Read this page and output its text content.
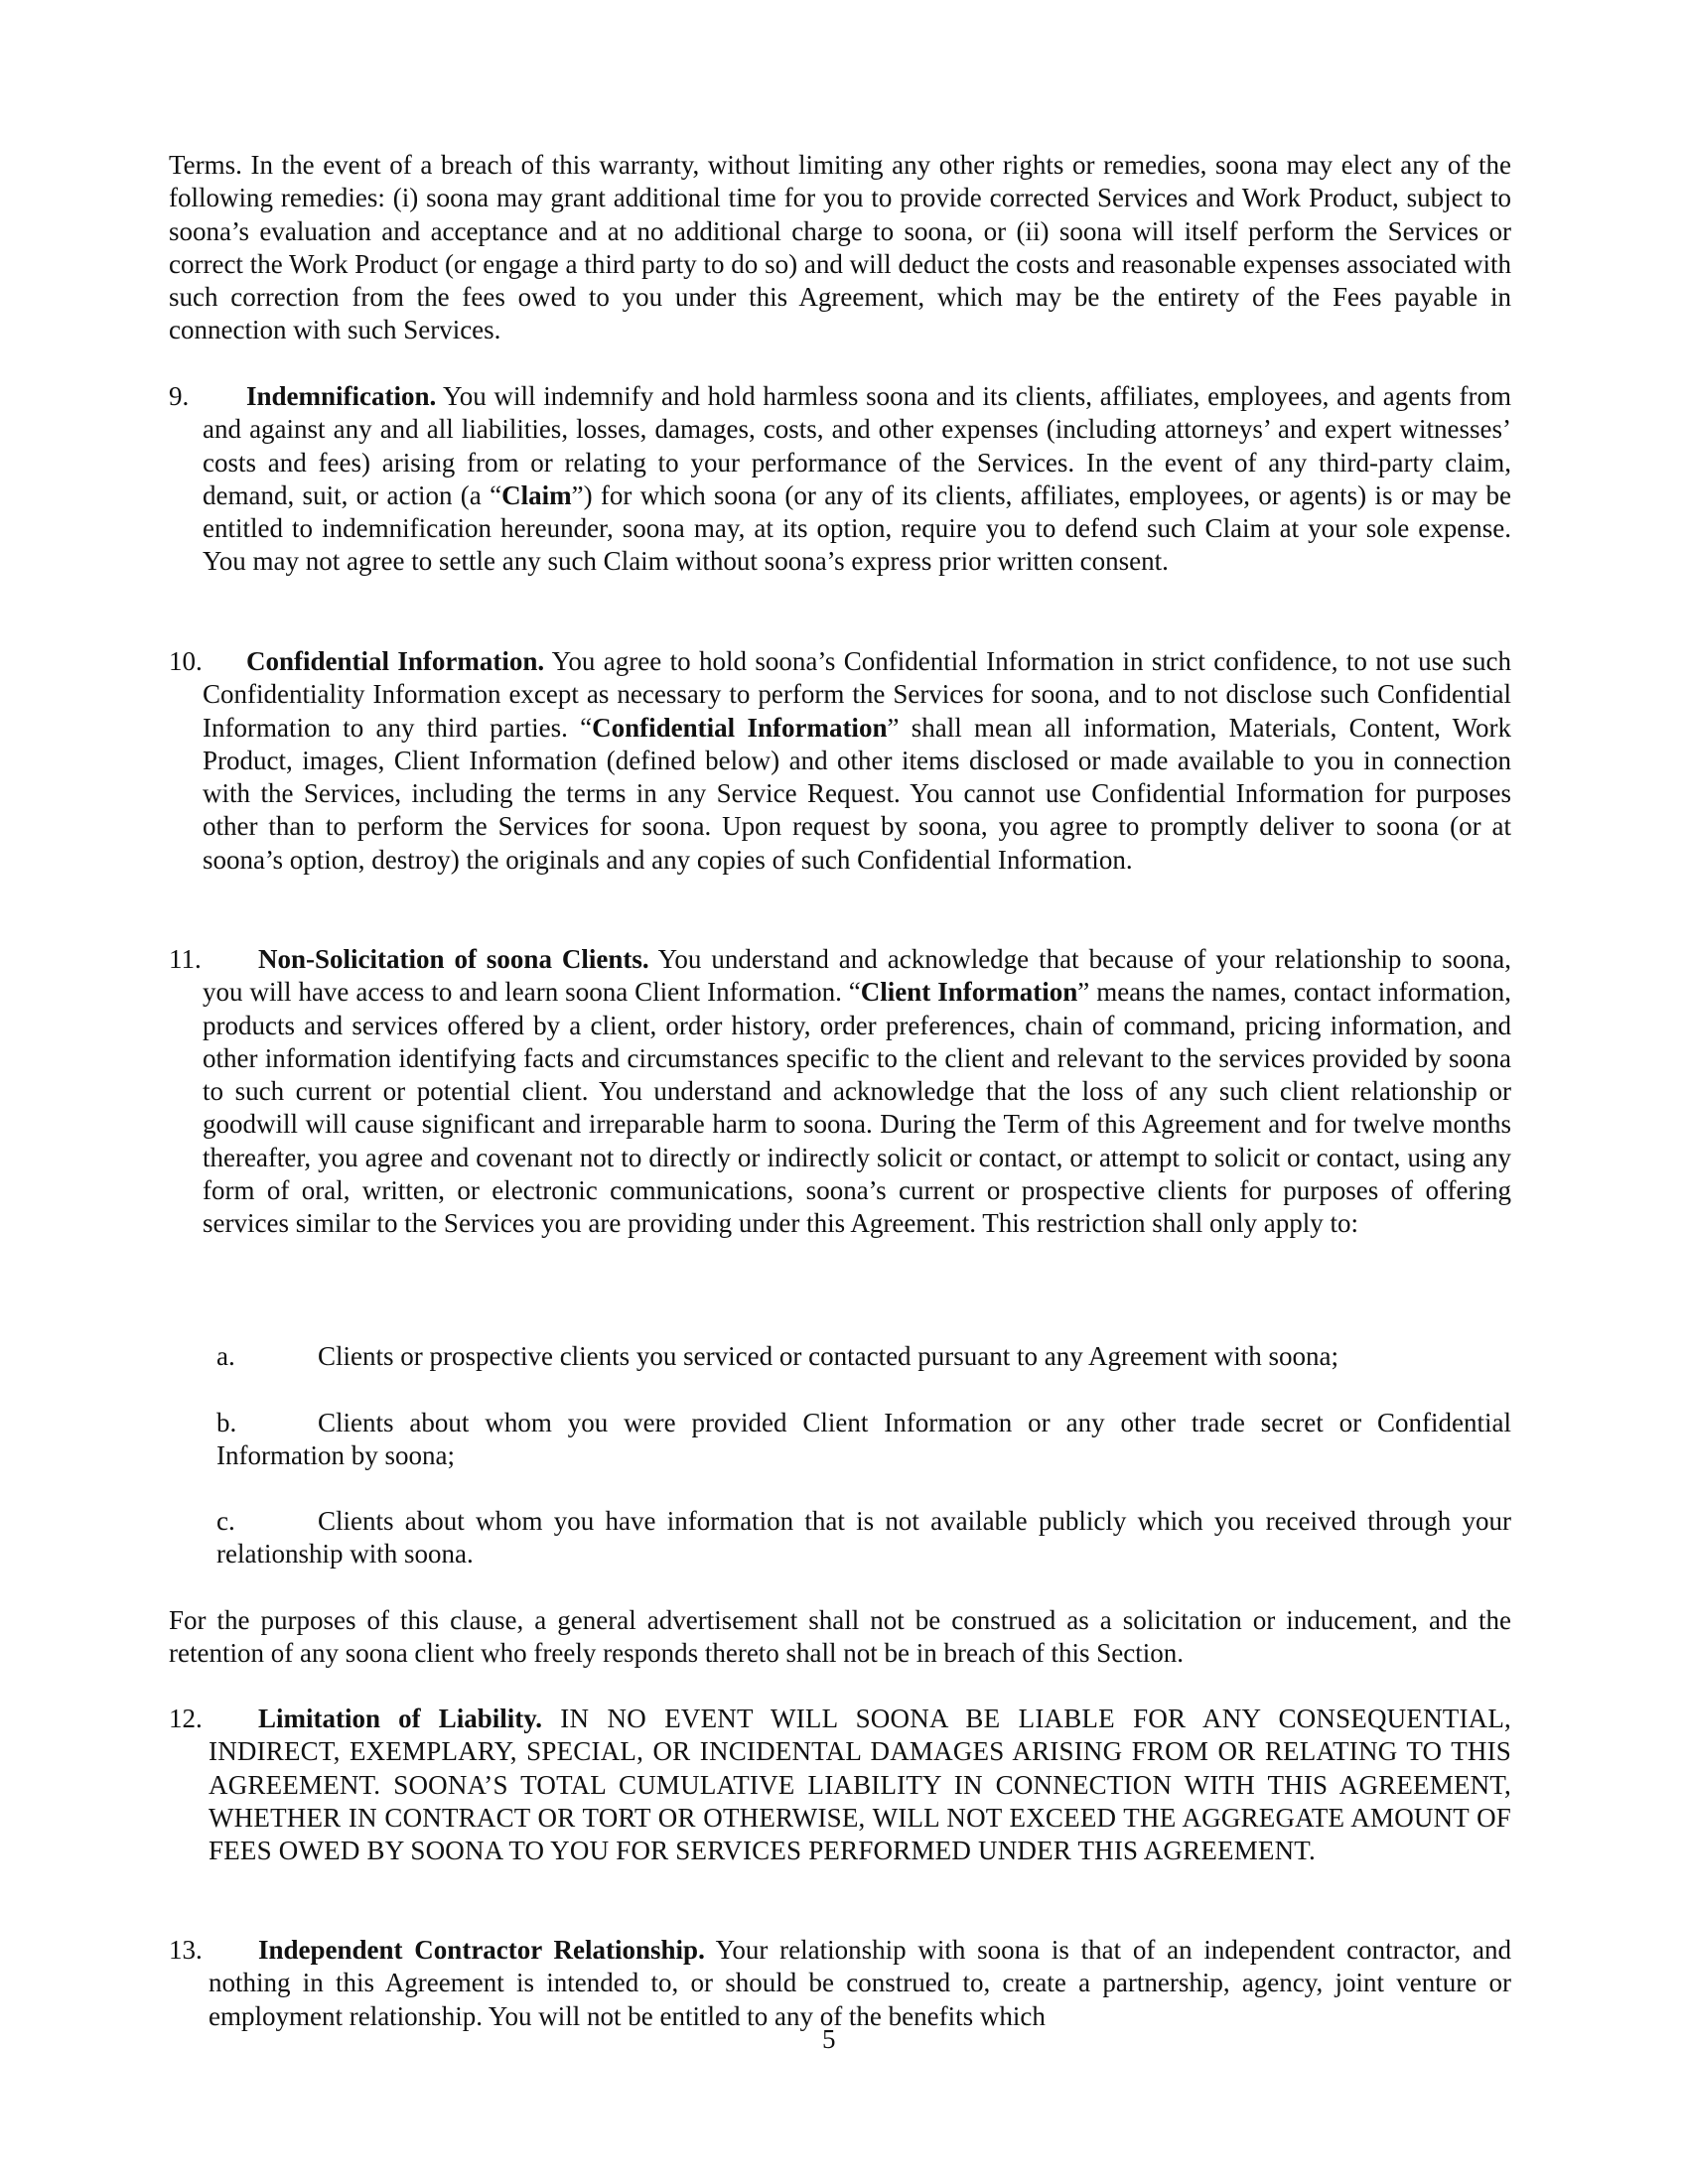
Terms. In the event of a breach of this warranty, without limiting any other rights or remedies, soona may elect any of the following remedies: (i) soona may grant additional time for you to provide corrected Services and Work Product, subject to soona’s evaluation and acceptance and at no additional charge to soona, or (ii) soona will itself perform the Services or correct the Work Product (or engage a third party to do so) and will deduct the costs and reasonable expenses associated with such correction from the fees owed to you under this Agreement, which may be the entirety of the Fees payable in connection with such Services.

9. Indemnification. You will indemnify and hold harmless soona and its clients, affiliates, employees, and agents from and against any and all liabilities, losses, damages, costs, and other expenses (including attorneys’ and expert witnesses’ costs and fees) arising from or relating to your performance of the Services. In the event of any third-party claim, demand, suit, or action (a “Claim”) for which soona (or any of its clients, affiliates, employees, or agents) is or may be entitled to indemnification hereunder, soona may, at its option, require you to defend such Claim at your sole expense. You may not agree to settle any such Claim without soona’s express prior written consent.

10. Confidential Information. You agree to hold soona’s Confidential Information in strict confidence, to not use such Confidentiality Information except as necessary to perform the Services for soona, and to not disclose such Confidential Information to any third parties. “Confidential Information” shall mean all information, Materials, Content, Work Product, images, Client Information (defined below) and other items disclosed or made available to you in connection with the Services, including the terms in any Service Request. You cannot use Confidential Information for purposes other than to perform the Services for soona. Upon request by soona, you agree to promptly deliver to soona (or at soona’s option, destroy) the originals and any copies of such Confidential Information.

11. Non-Solicitation of soona Clients. You understand and acknowledge that because of your relationship to soona, you will have access to and learn soona Client Information. “Client Information” means the names, contact information, products and services offered by a client, order history, order preferences, chain of command, pricing information, and other information identifying facts and circumstances specific to the client and relevant to the services provided by soona to such current or potential client. You understand and acknowledge that the loss of any such client relationship or goodwill will cause significant and irreparable harm to soona. During the Term of this Agreement and for twelve months thereafter, you agree and covenant not to directly or indirectly solicit or contact, or attempt to solicit or contact, using any form of oral, written, or electronic communications, soona’s current or prospective clients for purposes of offering services similar to the Services you are providing under this Agreement. This restriction shall only apply to:

a.	Clients or prospective clients you serviced or contacted pursuant to any Agreement with soona;

b.	Clients about whom you were provided Client Information or any other trade secret or Confidential Information by soona;

c.	Clients about whom you have information that is not available publicly which you received through your relationship with soona.

For the purposes of this clause, a general advertisement shall not be construed as a solicitation or inducement, and the retention of any soona client who freely responds thereto shall not be in breach of this Section.

12. Limitation of Liability. IN NO EVENT WILL SOONA BE LIABLE FOR ANY CONSEQUENTIAL, INDIRECT, EXEMPLARY, SPECIAL, OR INCIDENTAL DAMAGES ARISING FROM OR RELATING TO THIS AGREEMENT. SOONA’S TOTAL CUMULATIVE LIABILITY IN CONNECTION WITH THIS AGREEMENT, WHETHER IN CONTRACT OR TORT OR OTHERWISE, WILL NOT EXCEED THE AGGREGATE AMOUNT OF FEES OWED BY SOONA TO YOU FOR SERVICES PERFORMED UNDER THIS AGREEMENT.

13. Independent Contractor Relationship. Your relationship with soona is that of an independent contractor, and nothing in this Agreement is intended to, or should be construed to, create a partnership, agency, joint venture or employment relationship. You will not be entitled to any of the benefits which

5
